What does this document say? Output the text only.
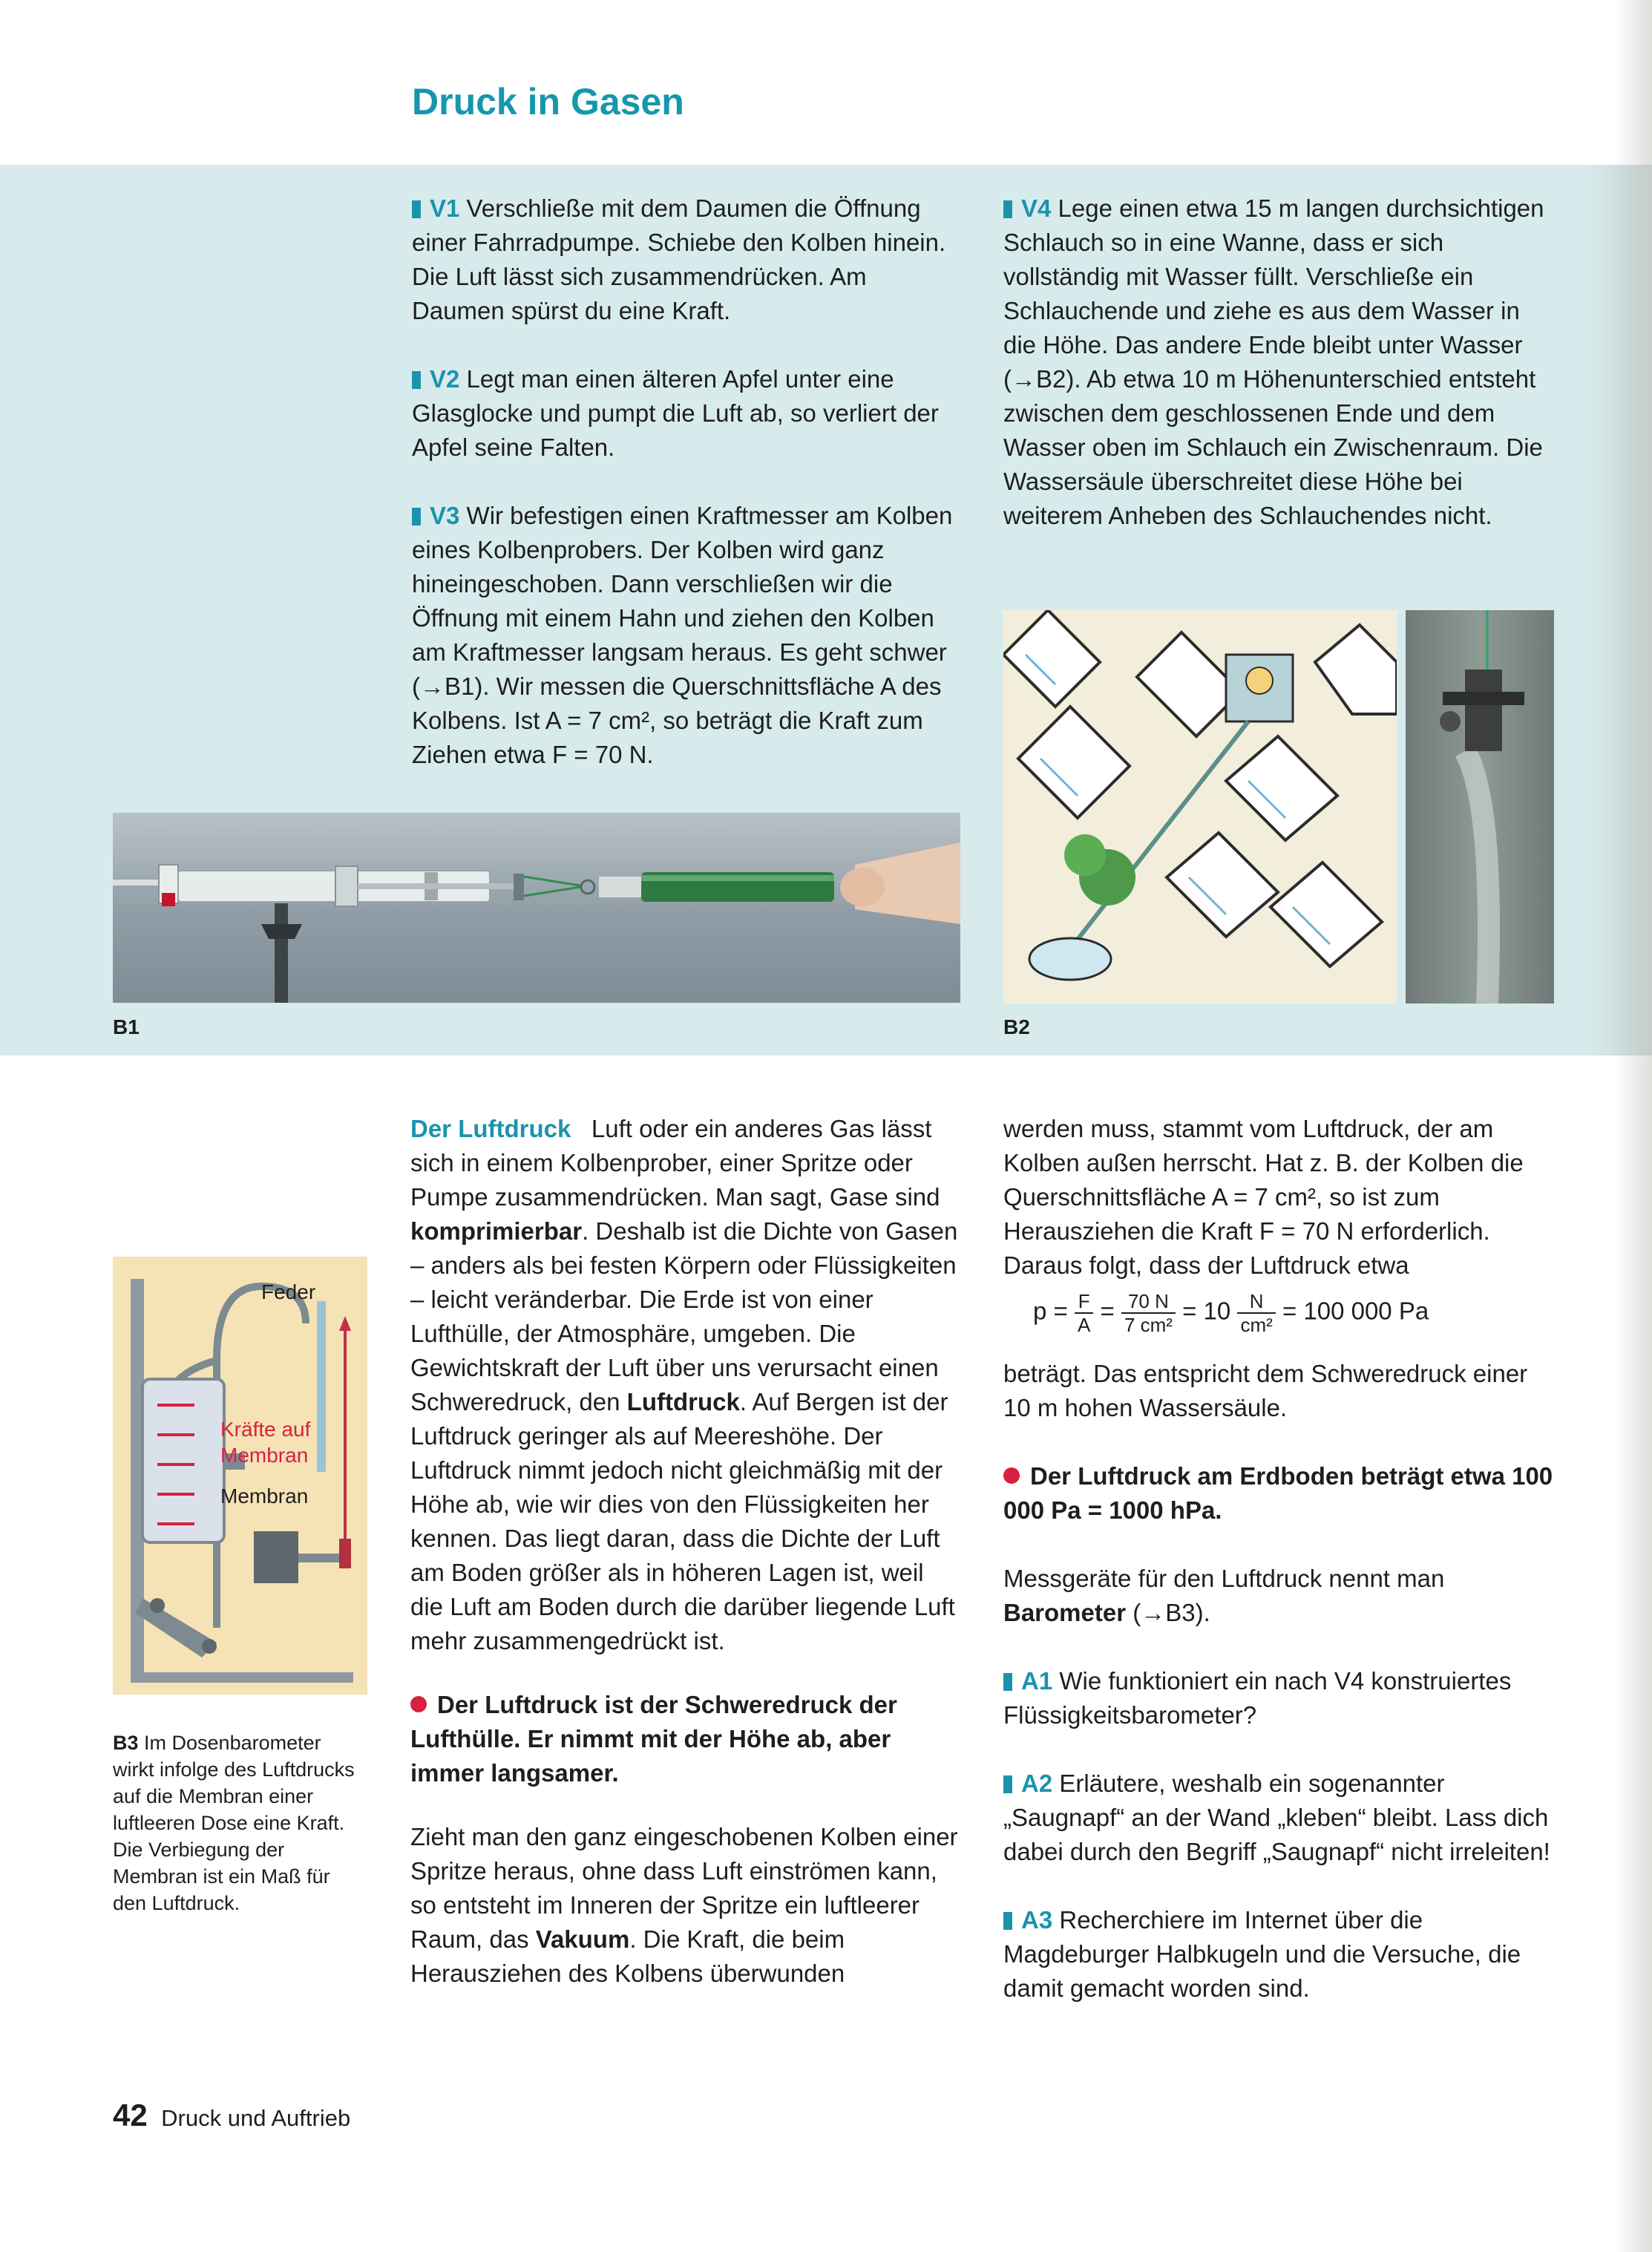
Druck in Gasen

V1 Verschließe mit dem Daumen die Öffnung einer Fahrradpumpe. Schiebe den Kolben hinein. Die Luft lässt sich zusammendrücken. Am Daumen spürst du eine Kraft.

V2 Legt man einen älteren Apfel unter eine Glasglocke und pumpt die Luft ab, so verliert der Apfel seine Falten.

V3 Wir befestigen einen Kraftmesser am Kolben eines Kolbenprobers. Der Kolben wird ganz hineingeschoben. Dann verschließen wir die Öffnung mit einem Hahn und ziehen den Kolben am Kraftmesser langsam heraus. Es geht schwer (→B1). Wir messen die Querschnittsfläche A des Kolbens. Ist A = 7 cm², so beträgt die Kraft zum Ziehen etwa F = 70 N.

V4 Lege einen etwa 15 m langen durchsichtigen Schlauch so in eine Wanne, dass er sich vollständig mit Wasser füllt. Verschließe ein Schlauchende und ziehe es aus dem Wasser in die Höhe. Das andere Ende bleibt unter Wasser (→B2). Ab etwa 10 m Höhenunterschied entsteht zwischen dem geschlossenen Ende und dem Wasser oben im Schlauch ein Zwischenraum. Die Wassersäule überschreitet diese Höhe bei weiterem Anheben des Schlauchendes nicht.

B1	B2
Feder
Kräfte auf
Membran
Membran
B3 Im Dosenbarometer wirkt infolge des Luftdrucks auf die Membran einer luftleeren Dose eine Kraft. Die Verbiegung der Membran ist ein Maß für den Luftdruck.

Der Luftdruck Luft oder ein anderes Gas lässt sich in einem Kolbenprober, einer Spritze oder Pumpe zusammendrücken. Man sagt, Gase sind komprimierbar. Deshalb ist die Dichte von Gasen – anders als bei festen Körpern oder Flüssigkeiten – leicht veränderbar. Die Erde ist von einer Lufthülle, der Atmosphäre, umgeben. Die Gewichtskraft der Luft über uns verursacht einen Schweredruck, den Luftdruck. Auf Bergen ist der Luftdruck geringer als auf Meereshöhe. Der Luftdruck nimmt jedoch nicht gleichmäßig mit der Höhe ab, wie wir dies von den Flüssigkeiten her kennen. Das liegt daran, dass die Dichte der Luft am Boden größer als in höheren Lagen ist, weil die Luft am Boden durch die darüber liegende Luft mehr zusammengedrückt ist.

Der Luftdruck ist der Schweredruck der Lufthülle. Er nimmt mit der Höhe ab, aber immer langsamer.

Zieht man den ganz eingeschobenen Kolben einer Spritze heraus, ohne dass Luft einströmen kann, so entsteht im Inneren der Spritze ein luftleerer Raum, das Vakuum. Die Kraft, die beim Herausziehen des Kolbens überwunden

werden muss, stammt vom Luftdruck, der am Kolben außen herrscht. Hat z. B. der Kolben die Querschnittsfläche A = 7 cm², so ist zum Herausziehen die Kraft F = 70 N erforderlich. Daraus folgt, dass der Luftdruck etwa

$p = \frac{F}{A} = \frac{70 N}{\text{7 cm²}} = 10 \frac{N}{\text{cm²}} = 100$ 000 Pa

beträgt. Das entspricht dem Schweredruck einer 10 m hohen Wassersäule.

Der Luftdruck am Erdboden beträgt etwa 100 000 Pa = 1000 hPa.

Messgeräte für den Luftdruck nennt man Barometer (→B3).

A1 Wie funktioniert ein nach V4 konstruiertes Flüssigkeitsbarometer?

A2 Erläutere, weshalb ein sogenannter „Saugnapf“ an der Wand „kleben“ bleibt. Lass dich dabei durch den Begriff „Saugnapf“ nicht irreleiten!

A3 Recherchiere im Internet über die Magdeburger Halbkugeln und die Versuche, die damit gemacht worden sind.

42 Druck und Auftrieb
